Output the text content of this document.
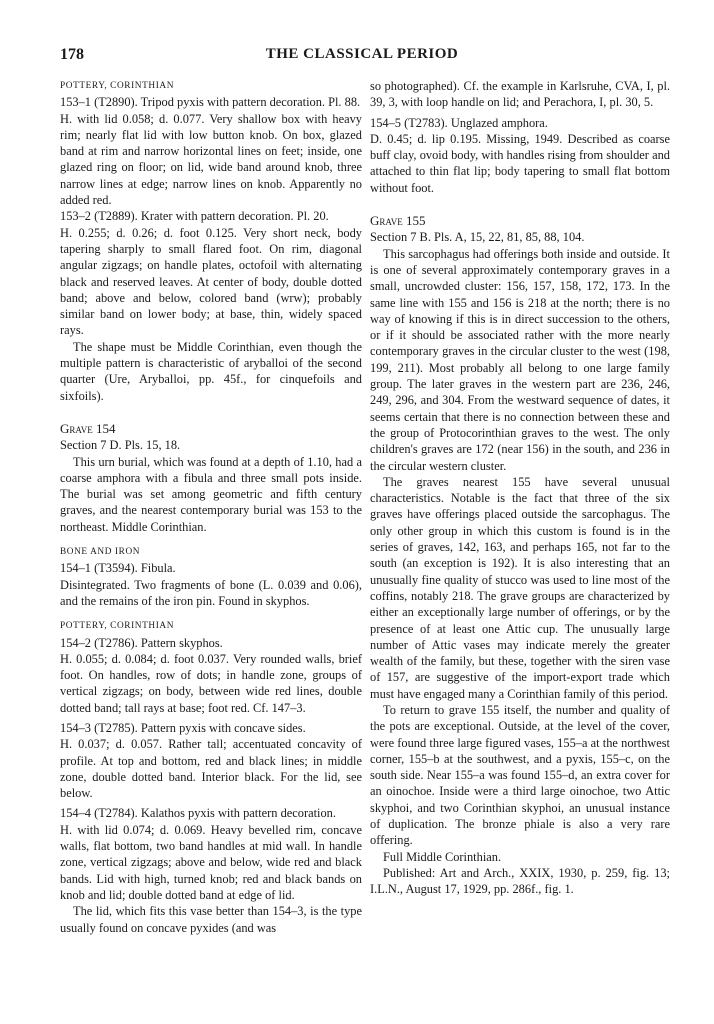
178	THE CLASSICAL PERIOD

POTTERY, CORINTHIAN

153–1 (T2890). Tripod pyxis with pattern decoration. Pl. 88.

H. with lid 0.058; d. 0.077. Very shallow box with heavy rim; nearly flat lid with low button knob. On box, glazed band at rim and narrow horizontal lines on feet; inside, one glazed ring on floor; on lid, wide band around knob, three narrow lines at edge; narrow lines on knob. Apparently no added red.

153–2 (T2889). Krater with pattern decoration. Pl. 20.

H. 0.255; d. 0.26; d. foot 0.125. Very short neck, body tapering sharply to small flared foot. On rim, diagonal angular zigzags; on handle plates, octofoil with alternating black and reserved leaves. At center of body, double dotted band; above and below, colored band (wrw); probably similar band on lower body; at base, thin, widely spaced rays.

The shape must be Middle Corinthian, even though the multiple pattern is characteristic of aryballoi of the second quarter (Ure, Aryballoi, pp. 45f., for cinquefoils and sixfoils).

Grave 154

Section 7 D. Pls. 15, 18.

This urn burial, which was found at a depth of 1.10, had a coarse amphora with a fibula and three small pots inside. The burial was set among geometric and fifth century graves, and the nearest contemporary burial was 153 to the northeast. Middle Corinthian.

BONE AND IRON

154–1 (T3594). Fibula.

Disintegrated. Two fragments of bone (L. 0.039 and 0.06), and the remains of the iron pin. Found in skyphos.

POTTERY, CORINTHIAN

154–2 (T2786). Pattern skyphos.

H. 0.055; d. 0.084; d. foot 0.037. Very rounded walls, brief foot. On handles, row of dots; in handle zone, groups of vertical zigzags; on body, between wide red lines, double dotted band; tall rays at base; foot red. Cf. 147–3.

154–3 (T2785). Pattern pyxis with concave sides.

H. 0.037; d. 0.057. Rather tall; accentuated concavity of profile. At top and bottom, red and black lines; in middle zone, double dotted band. Interior black. For the lid, see below.

154–4 (T2784). Kalathos pyxis with pattern decoration.

H. with lid 0.074; d. 0.069. Heavy bevelled rim, concave walls, flat bottom, two band handles at mid wall. In handle zone, vertical zigzags; above and below, wide red and black bands. Lid with high, turned knob; red and black bands on knob and lid; double dotted band at edge of lid.

The lid, which fits this vase better than 154–3, is the type usually found on concave pyxides (and was

so photographed). Cf. the example in Karlsruhe, CVA, I, pl. 39, 3, with loop handle on lid; and Perachora, I, pl. 30, 5.

154–5 (T2783). Unglazed amphora.

D. 0.45; d. lip 0.195. Missing, 1949. Described as coarse buff clay, ovoid body, with handles rising from shoulder and attached to thin flat lip; body tapering to small flat bottom without foot.

Grave 155

Section 7 B. Pls. A, 15, 22, 81, 85, 88, 104.

This sarcophagus had offerings both inside and outside. It is one of several approximately contemporary graves in a small, uncrowded cluster: 156, 157, 158, 172, 173. In the same line with 155 and 156 is 218 at the north; there is no way of knowing if this is in direct succession to the others, or if it should be associated rather with the more nearly contemporary graves in the circular cluster to the west (198, 199, 211). Most probably all belong to one large family group. The later graves in the western part are 236, 246, 249, 296, and 304. From the westward sequence of dates, it seems certain that there is no connection between these and the group of Protocorinthian graves to the west. The only children's graves are 172 (near 156) in the south, and 236 in the circular western cluster.

The graves nearest 155 have several unusual characteristics. Notable is the fact that three of the six graves have offerings placed outside the sarcophagus. The only other group in which this custom is found is in the series of graves, 142, 163, and perhaps 165, not far to the south (an exception is 192). It is also interesting that an unusually fine quality of stucco was used to line most of the coffins, notably 218. The grave groups are characterized by either an exceptionally large number of offerings, or by the presence of at least one Attic cup. The unusually large number of Attic vases may indicate merely the greater wealth of the family, but these, together with the siren vase of 157, are suggestive of the import-export trade which must have engaged many a Corinthian family of this period.

To return to grave 155 itself, the number and quality of the pots are exceptional. Outside, at the level of the cover, were found three large figured vases, 155–a at the northwest corner, 155–b at the southwest, and a pyxis, 155–c, on the south side. Near 155–a was found 155–d, an extra cover for an oinochoe. Inside were a third large oinochoe, two Attic skyphoi, and two Corinthian skyphoi, an unusual instance of duplication. The bronze phiale is also a very rare offering.

Full Middle Corinthian.

Published: Art and Arch., XXIX, 1930, p. 259, fig. 13; I.L.N., August 17, 1929, pp. 286f., fig. 1.
